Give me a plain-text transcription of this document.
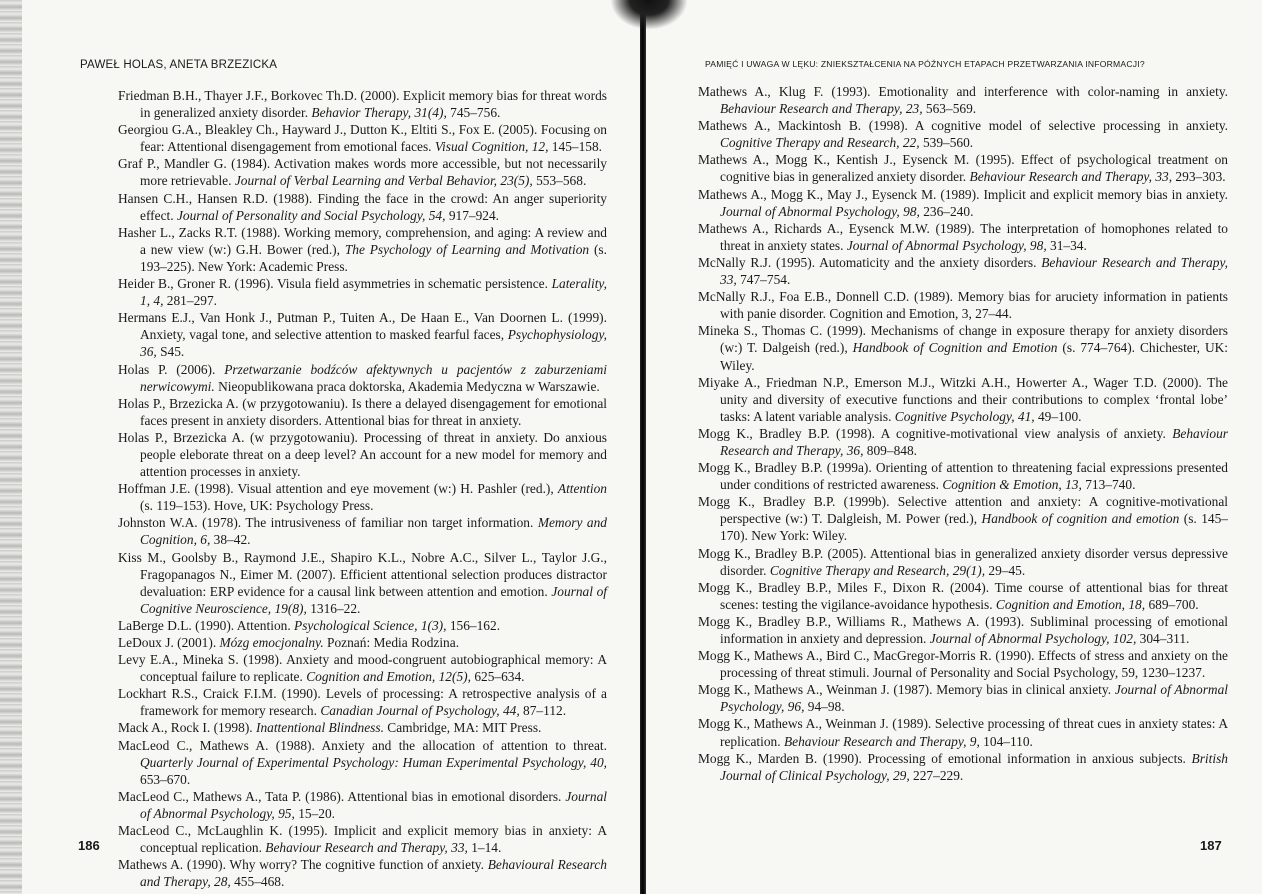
PAWEŁ HOLAS, ANETA BRZEZICKA
Friedman B.H., Thayer J.F., Borkovec Th.D. (2000). Explicit memory bias for threat words in generalized anxiety disorder. Behavior Therapy, 31(4), 745–756.
Georgiou G.A., Bleakley Ch., Hayward J., Dutton K., Eltiti S., Fox E. (2005). Focusing on fear: Attentional disengagement from emotional faces. Visual Cognition, 12, 145–158.
Graf P., Mandler G. (1984). Activation makes words more accessible, but not necessarily more retrievable. Journal of Verbal Learning and Verbal Behavior, 23(5), 553–568.
Hansen C.H., Hansen R.D. (1988). Finding the face in the crowd: An anger superiority effect. Journal of Personality and Social Psychology, 54, 917–924.
Hasher L., Zacks R.T. (1988). Working memory, comprehension, and aging: A review and a new view (w:) G.H. Bower (red.), The Psychology of Learning and Motivation (s. 193–225). New York: Academic Press.
Heider B., Groner R. (1996). Visula field asymmetries in schematic persistence. Laterality, 1, 4, 281–297.
Hermans E.J., Van Honk J., Putman P., Tuiten A., De Haan E., Van Doornen L. (1999). Anxiety, vagal tone, and selective attention to masked fearful faces, Psychophysiology, 36, S45.
Holas P. (2006). Przetwarzanie bodźców afektywnych u pacjentów z zaburzeniami nerwicowymi. Nieopublikowana praca doktorska, Akademia Medyczna w Warszawie.
Holas P., Brzezicka A. (w przygotowaniu). Is there a delayed disengagement for emotional faces present in anxiety disorders. Attentional bias for threat in anxiety.
Holas P., Brzezicka A. (w przygotowaniu). Processing of threat in anxiety. Do anxious people eleborate threat on a deep level? An account for a new model for memory and attention processes in anxiety.
Hoffman J.E. (1998). Visual attention and eye movement (w:) H. Pashler (red.), Attention (s. 119–153). Hove, UK: Psychology Press.
Johnston W.A. (1978). The intrusiveness of familiar non target information. Memory and Cognition, 6, 38–42.
Kiss M., Goolsby B., Raymond J.E., Shapiro K.L., Nobre A.C., Silver L., Taylor J.G., Fragopanagos N., Eimer M. (2007). Efficient attentional selection produces distractor devaluation: ERP evidence for a causal link between attention and emotion. Journal of Cognitive Neuroscience, 19(8), 1316–22.
LaBerge D.L. (1990). Attention. Psychological Science, 1(3), 156–162.
LeDoux J. (2001). Mózg emocjonalny. Poznań: Media Rodzina.
Levy E.A., Mineka S. (1998). Anxiety and mood-congruent autobiographical memory: A conceptual failure to replicate. Cognition and Emotion, 12(5), 625–634.
Lockhart R.S., Craick F.I.M. (1990). Levels of processing: A retrospective analysis of a framework for memory research. Canadian Journal of Psychology, 44, 87–112.
Mack A., Rock I. (1998). Inattentional Blindness. Cambridge, MA: MIT Press.
MacLeod C., Mathews A. (1988). Anxiety and the allocation of attention to threat. Quarterly Journal of Experimental Psychology: Human Experimental Psychology, 40, 653–670.
MacLeod C., Mathews A., Tata P. (1986). Attentional bias in emotional disorders. Journal of Abnormal Psychology, 95, 15–20.
MacLeod C., McLaughlin K. (1995). Implicit and explicit memory bias in anxiety: A conceptual replication. Behaviour Research and Therapy, 33, 1–14.
Mathews A. (1990). Why worry? The cognitive function of anxiety. Behavioural Research and Therapy, 28, 455–468.
186
PAMIĘĆ I UWAGA W LĘKU: ZNIEKSZTAŁCENIA NA PÓŹNYCH ETAPACH PRZETWARZANIA INFORMACJI?
Mathews A., Klug F. (1993). Emotionality and interference with color-naming in anxiety. Behaviour Research and Therapy, 23, 563–569.
Mathews A., Mackintosh B. (1998). A cognitive model of selective processing in anxiety. Cognitive Therapy and Research, 22, 539–560.
Mathews A., Mogg K., Kentish J., Eysenck M. (1995). Effect of psychological treatment on cognitive bias in generalized anxiety disorder. Behaviour Research and Therapy, 33, 293–303.
Mathews A., Mogg K., May J., Eysenck M. (1989). Implicit and explicit memory bias in anxiety. Journal of Abnormal Psychology, 98, 236–240.
Mathews A., Richards A., Eysenck M.W. (1989). The interpretation of homophones related to threat in anxiety states. Journal of Abnormal Psychology, 98, 31–34.
McNally R.J. (1995). Automaticity and the anxiety disorders. Behaviour Research and Therapy, 33, 747–754.
McNally R.J., Foa E.B., Donnell C.D. (1989). Memory bias for aruciety information in patients with panie disorder. Cognition and Emotion, 3, 27–44.
Mineka S., Thomas C. (1999). Mechanisms of change in exposure therapy for anxiety disorders (w:) T. Dalgeish (red.), Handbook of Cognition and Emotion (s. 774–764). Chichester, UK: Wiley.
Miyake A., Friedman N.P., Emerson M.J., Witzki A.H., Howerter A., Wager T.D. (2000). The unity and diversity of executive functions and their contributions to complex ‘frontal lobe’ tasks: A latent variable analysis. Cognitive Psychology, 41, 49–100.
Mogg K., Bradley B.P. (1998). A cognitive-motivational view analysis of anxiety. Behaviour Research and Therapy, 36, 809–848.
Mogg K., Bradley B.P. (1999a). Orienting of attention to threatening facial expressions presented under conditions of restricted awareness. Cognition & Emotion, 13, 713–740.
Mogg K., Bradley B.P. (1999b). Selective attention and anxiety: A cognitive-motivational perspective (w:) T. Dalgleish, M. Power (red.), Handbook of cognition and emotion (s. 145–170). New York: Wiley.
Mogg K., Bradley B.P. (2005). Attentional bias in generalized anxiety disorder versus depressive disorder. Cognitive Therapy and Research, 29(1), 29–45.
Mogg K., Bradley B.P., Miles F., Dixon R. (2004). Time course of attentional bias for threat scenes: testing the vigilance-avoidance hypothesis. Cognition and Emotion, 18, 689–700.
Mogg K., Bradley B.P., Williams R., Mathews A. (1993). Subliminal processing of emotional information in anxiety and depression. Journal of Abnormal Psychology, 102, 304–311.
Mogg K., Mathews A., Bird C., MacGregor-Morris R. (1990). Effects of stress and anxiety on the processing of threat stimuli. Journal of Personality and Social Psychology, 59, 1230–1237.
Mogg K., Mathews A., Weinman J. (1987). Memory bias in clinical anxiety. Journal of Abnormal Psychology, 96, 94–98.
Mogg K., Mathews A., Weinman J. (1989). Selective processing of threat cues in anxiety states: A replication. Behaviour Research and Therapy, 9, 104–110.
Mogg K., Marden B. (1990). Processing of emotional information in anxious subjects. British Journal of Clinical Psychology, 29, 227–229.
187
